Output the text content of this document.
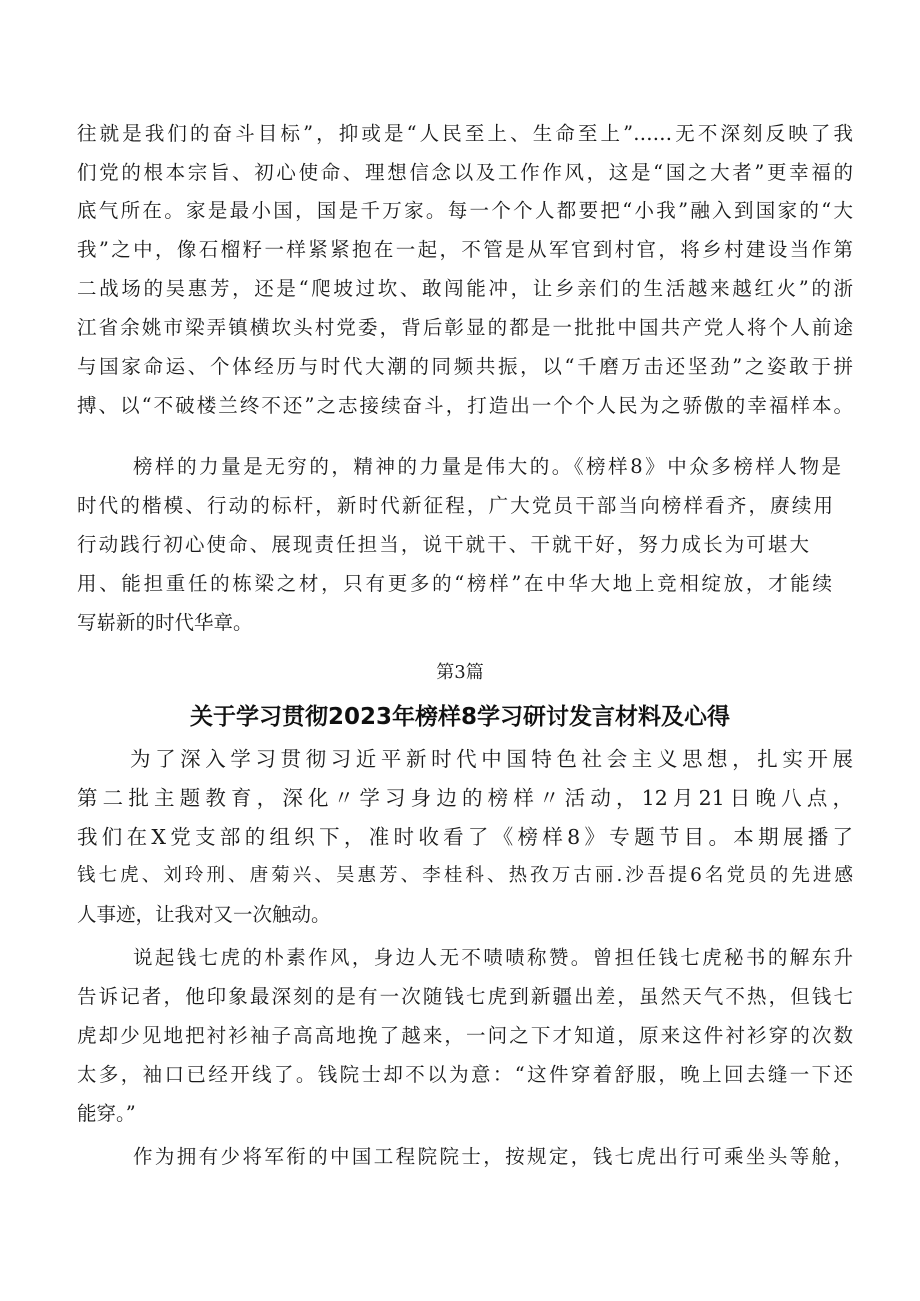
往就是我们的奋斗目标”，抑或是“人民至上、生命至上”……无不深刻反映了我
们党的根本宗旨、初心使命、理想信念以及工作作风，这是“国之大者”更幸福的
底气所在。家是最小国，国是千万家。每一个个人都要把“小我”融入到国家的“大
我”之中，像石榴籽一样紧紧抱在一起，不管是从军官到村官，将乡村建设当作第
二战场的吴惠芳，还是“爬坡过坎、敢闯能冲，让乡亲们的生活越来越红火”的浙
江省余姚市梁弄镇横坎头村党委，背后彰显的都是一批批中国共产党人将个人前途
与国家命运、个体经历与时代大潮的同频共振，以“千磨万击还坚劲”之姿敢于拼
搏、以“不破楼兰终不还”之志接续奋斗，打造出一个个人民为之骄傲的幸福样本。
榜样的力量是无穷的，精神的力量是伟大的。《榜样8》中众多榜样人物是
时代的楷模、行动的标杆，新时代新征程，广大党员干部当向榜样看齐，赓续用
行动践行初心使命、展现责任担当，说干就干、干就干好，努力成长为可堪大
用、能担重任的栋梁之材，只有更多的“榜样”在中华大地上竞相绽放，才能续
写崭新的时代华章。
第3篇
关于学习贯彻2023年榜样8学习研讨发言材料及心得
为了深入学习贯彻习近平新时代中国特色社会主义思想，扎实开展
第二批主题教育，深化〃学习身边的榜样〃活动，12月21日晚八点，
我们在X党支部的组织下，准时收看了《榜样8》专题节目。本期展播了
钱七虎、刘玲刑、唐菊兴、吴惠芳、李桂科、热孜万古丽.沙吾提6名党员的先进感
人事迹，让我对又一次触动。
说起钱七虎的朴素作风，身边人无不啧啧称赞。曾担任钱七虎秘书的解东升
告诉记者，他印象最深刻的是有一次随钱七虎到新疆出差，虽然天气不热，但钱七
虎却少见地把衬衫袖子高高地挽了越来，一问之下才知道，原来这件衬衫穿的次数
太多，袖口已经开线了。钱院士却不以为意：“这件穿着舒服，晚上回去缝一下还
能穿。”
作为拥有少将军衔的中国工程院院士，按规定，钱七虎出行可乘坐头等舱，
